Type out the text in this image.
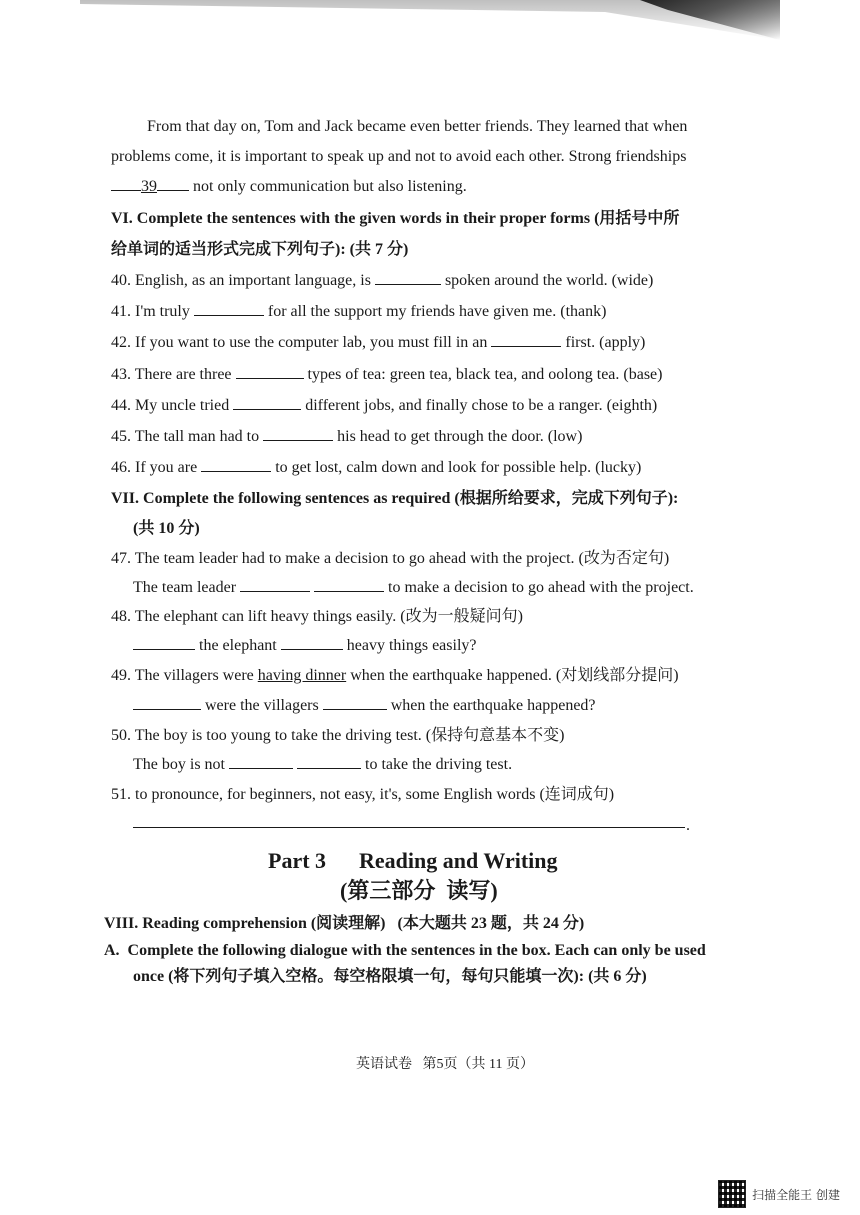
From that day on, Tom and Jack became even better friends. They learned that when
problems come, it is important to speak up and not to avoid each other. Strong friendships
39 not only communication but also listening.
VI. Complete the sentences with the given words in their proper forms (用括号中所
给单词的适当形式完成下列句子): (共 7 分)
40. English, as an important language, is	spoken around the world. (wide)
41. I'm truly	for all the support my friends have given me. (thank)
42. If you want to use the computer lab, you must fill in an	first. (apply)
43. There are three	types of tea: green tea, black tea, and oolong tea. (base)
44. My uncle tried	different jobs, and finally chose to be a ranger. (eighth)
45. The tall man had to	his head to get through the door. (low)
46. If you are	to get lost, calm down and look for possible help. (lucky)
VII. Complete the following sentences as required (根据所给要求，完成下列句子):
(共 10 分)
47. The team leader had to make a decision to go ahead with the project. (改为否定句)
The team leader	to make a decision to go ahead with the project.
48. The elephant can lift heavy things easily. (改为一般疑问句)
the elephant	heavy things easily?
49. The villagers were having dinner when the earthquake happened. (对划线部分提问)
were the villagers	when the earthquake happened?
50. The boy is too young to take the driving test. (保持句意基本不变)
The boy is not	to take the driving test.
51. to pronounce, for beginners, not easy, it's, some English words (连词成句)
.
Part 3      Reading and Writing
(第三部分  读写)
VIII. Reading comprehension (阅读理解)   (本大题共 23 题，共 24 分)
A.  Complete the following dialogue with the sentences in the box. Each can only be used
once (将下列句子填入空格。每空格限填一句，每句只能填一次): (共 6 分)
英语试卷   第5页（共 11 页）
扫描全能王 创建
